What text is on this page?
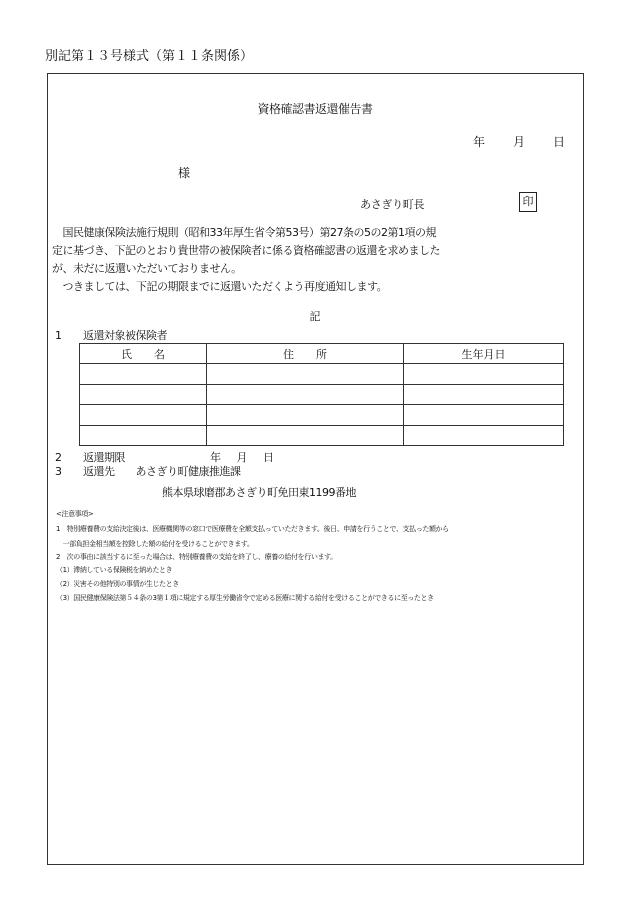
別記第１３号様式（第１１条関係）
資格確認書返還催告書
年 月 日
様
あさぎり町長	印
　国民健康保険法施行規則（昭和33年厚生省令第53号）第27条の5の2第1項の規
定に基づき、下記のとおり貴世帯の被保険者に係る資格確認書の返還を求めました
が、未だに返還いただいておりません。
　つきましては、下記の期限までに返還いただくよう再度通知します。
記
1 返還対象被保険者
氏　　名	住　　所	生年月日

2 返還期限	年 月 日
3 返還先　　あさぎり町健康推進課
熊本県球磨郡あさぎり町免田東1199番地
<注意事項>
1　特別療養費の支給決定後は、医療機関等の窓口で医療費を全額支払っていただきます。後日、申請を行うことで、支払った額から
　一部負担金相当額を控除した額の給付を受けることができます。
2　次の事由に該当するに至った場合は、特別療養費の支給を終了し、療養の給付を行います。
（1）滞納している保険税を納めたとき
（2）災害その他特別の事情が生じたとき
（3）国民健康保険法第５４条の3第１項に規定する厚生労働省令で定める医療に関する給付を受けることができるに至ったとき
